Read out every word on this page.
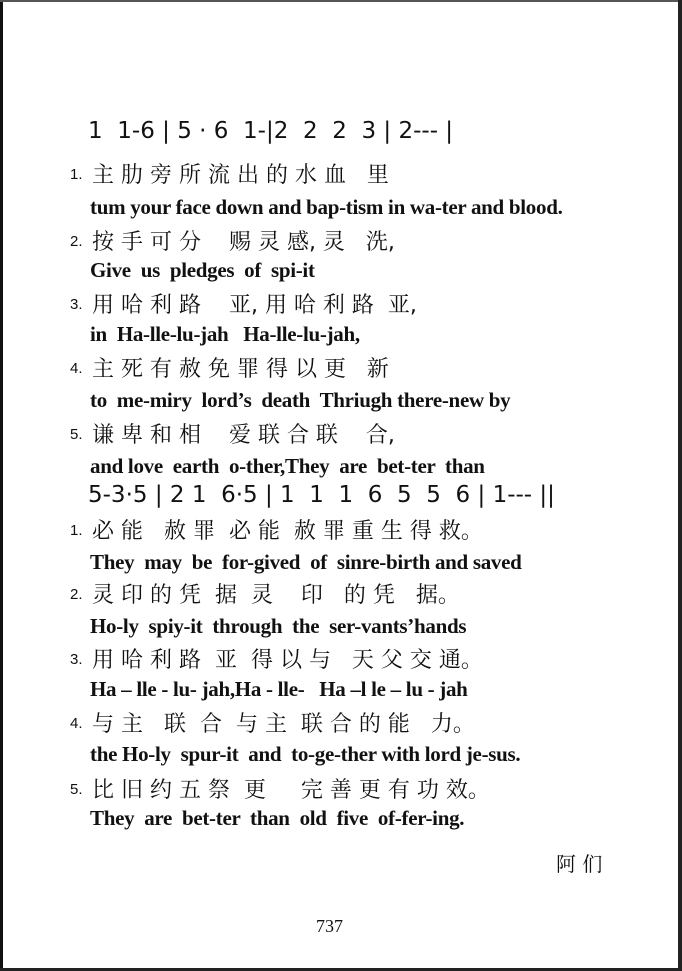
1  1-6 | 5 · 6  1-|2  2  2  3 | 2--- |

1.

主 肋 旁 所 流 出 的 水 血   里

tum your face down and bap-tism in wa-ter and blood.

2.

按 手 可 分    赐 灵 感, 灵   洗,

Give  us  pledges  of  spi-it

3.

用 哈 利 路    亚, 用 哈 利 路  亚,

in  Ha-lle-lu-jah   Ha-lle-lu-jah,

4.

主 死 有 赦 免 罪 得 以 更   新

to  me-miry  lord’s  death  Thriugh there-new by

5.

谦 卑 和 相    爱 联 合 联    合,

and love  earth  o-ther,They  are  bet-ter  than
5-3·5 | 2 1  6·5 | 1  1  1  6  5  5  6 | 1--- ||

1.

必 能   赦 罪  必 能  赦 罪 重 生 得 救。

They  may  be  for-gived  of  sinre-birth and saved

2.

灵 印 的 凭  据  灵    印   的 凭   据。

Ho-ly  spiy-it  through  the  ser-vants’hands

3.

用 哈 利 路  亚  得 以 与   天 父 交 通。

Ha – lle - lu- jah,Ha - lle-   Ha –l le – lu - jah

4.

与 主   联  合  与 主  联 合 的 能   力。

the Ho-ly  spur-it  and  to-ge-ther with lord je-sus.

5.

比 旧 约 五 祭  更     完 善 更 有 功 效。

They  are  bet-ter  than  old  five  of-fer-ing.
阿 们
737
